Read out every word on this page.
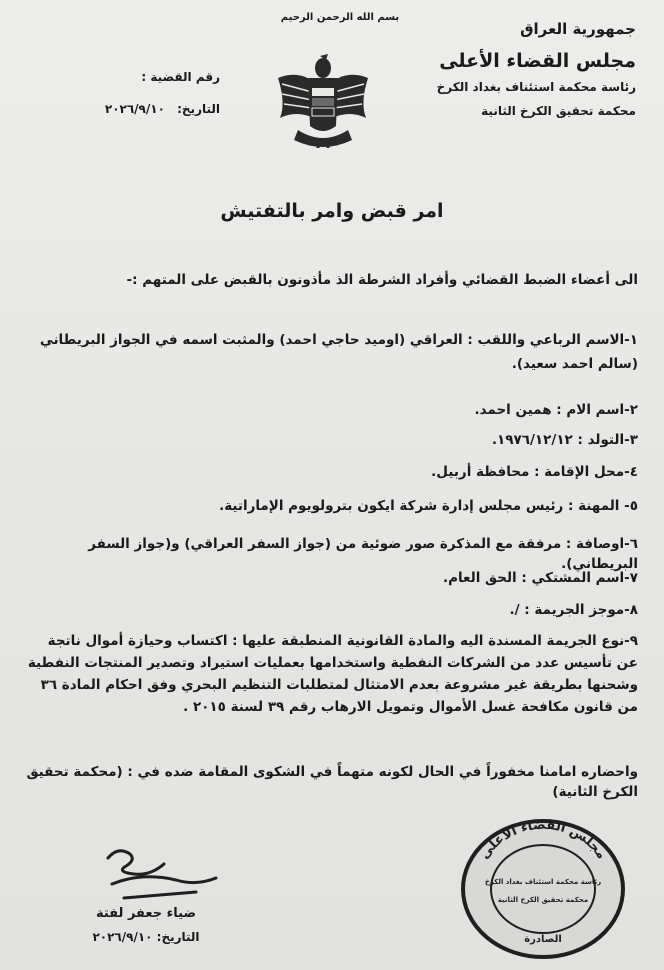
بسم الله الرحمن الرحيم
جمهورية العراق
مجلس القضاء الأعلى
رئاسة محكمة استئناف بغداد الكرخ
محكمة تحقيق الكرخ الثانية
رقم القضية :
التاريخ: ٢٠٢٦/٩/١٠
امر قبض وامر بالتفتيش
الى أعضاء الضبط القضائي وأفراد الشرطة الذ مأذونون بالقبض على المتهم :-
١-الاسم الرباعي واللقب : العراقي (اوميد حاجي احمد) والمثبت اسمه في الجواز البريطاني (سالم احمد سعيد).
٢-اسم الام : همين احمد.
٣-التولد : ١٩٧٦/١٢/١٢.
٤-محل الإقامة : محافظة أربيل.
٥- المهنة : رئيس مجلس إدارة شركة ايكون بترولويوم الإماراتية.
٦-اوصافة : مرفقة مع المذكرة صور ضوئية من (جواز السفر العراقي) و(جواز السفر البريطاني).
٧-اسم المشتكي : الحق العام.
٨-موجز الجريمة : /.
٩-نوع الجريمة المسندة اليه والمادة القانونية المنطبقة عليها : اكتساب وحيازة أموال ناتجة عن تأسيس عدد من الشركات النفطية واستخدامها بعمليات استيراد وتصدير المنتجات النفطية وشحنها بطريقة غير مشروعة بعدم الامتثال لمتطلبات التنظيم البحري وفق احكام المادة ٣٦ من قانون مكافحة غسل الأموال وتمويل الارهاب رقم ٣٩ لسنة ٢٠١٥ .
واحضاره امامنا مخفوراً في الحال لكونه متهماً في الشكوى المقامة ضده في : (محكمة تحقيق الكرخ الثانية)
ضياء جعفر لفتة
التاريخ: ٢٠٢٦/٩/١٠
مجلس القضاء الاعلى
رئاسة محكمة استئناف بغداد الكرخ
محكمة تحقيق الكرخ الثانية
الصادرة
